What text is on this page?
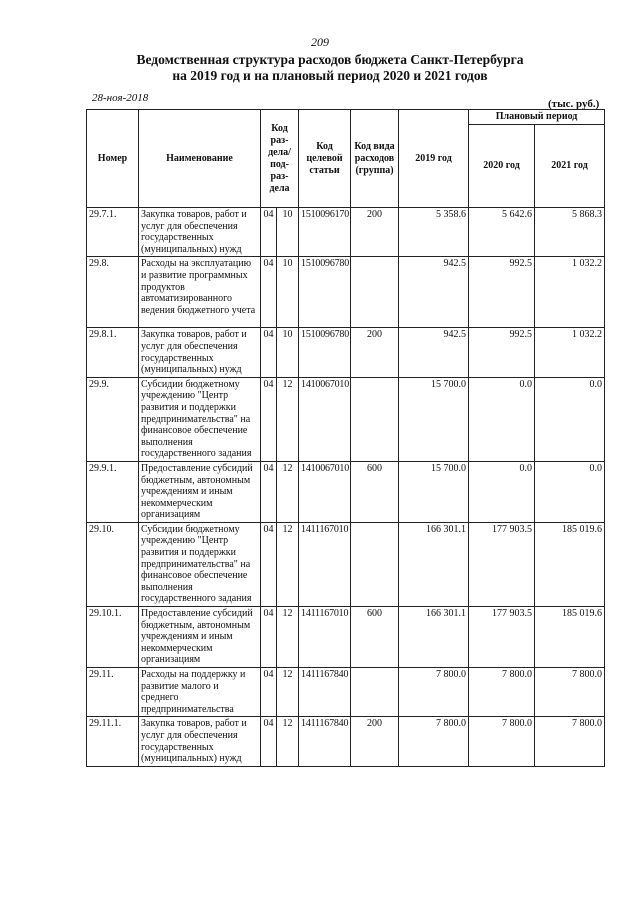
209
Ведомственная структура расходов бюджета Санкт-Петербурга
на 2019 год и на плановый период 2020 и 2021 годов
28-ноя-2018	(тыс. руб.)
Номер	Наименование	Код раз-дела/ под-раз-дела		Код целевой статьи	Код вида расходов (группа)	2019 год	Плановый период	
							2020 год	2021 год
29.7.1.	Закупка товаров, работ и услуг для обеспечения государственных (муниципальных) нужд	04	10	1510096170	200	5 358.6	5 642.6	5 868.3
29.8.	Расходы на эксплуатацию и развитие программных продуктов автоматизированного ведения бюджетного учета	04	10	1510096780		942.5	992.5	1 032.2
29.8.1.	Закупка товаров, работ и услуг для обеспечения государственных (муниципальных) нужд	04	10	1510096780	200	942.5	992.5	1 032.2
29.9.	Субсидии бюджетному учреждению "Центр развития и поддержки предпринимательства" на финансовое обеспечение выполнения государственного задания	04	12	1410067010		15 700.0	0.0	0.0
29.9.1.	Предоставление субсидий бюджетным, автономным учреждениям и иным некоммерческим организациям	04	12	1410067010	600	15 700.0	0.0	0.0
29.10.	Субсидии бюджетному учреждению "Центр развития и поддержки предпринимательства" на финансовое обеспечение выполнения государственного задания	04	12	1411167010		166 301.1	177 903.5	185 019.6
29.10.1.	Предоставление субсидий бюджетным, автономным учреждениям и иным некоммерческим организациям	04	12	1411167010	600	166 301.1	177 903.5	185 019.6
29.11.	Расходы на поддержку и развитие малого и среднего предпринимательства	04	12	1411167840		7 800.0	7 800.0	7 800.0
29.11.1.	Закупка товаров, работ и услуг для обеспечения государственных (муниципальных) нужд	04	12	1411167840	200	7 800.0	7 800.0	7 800.0
